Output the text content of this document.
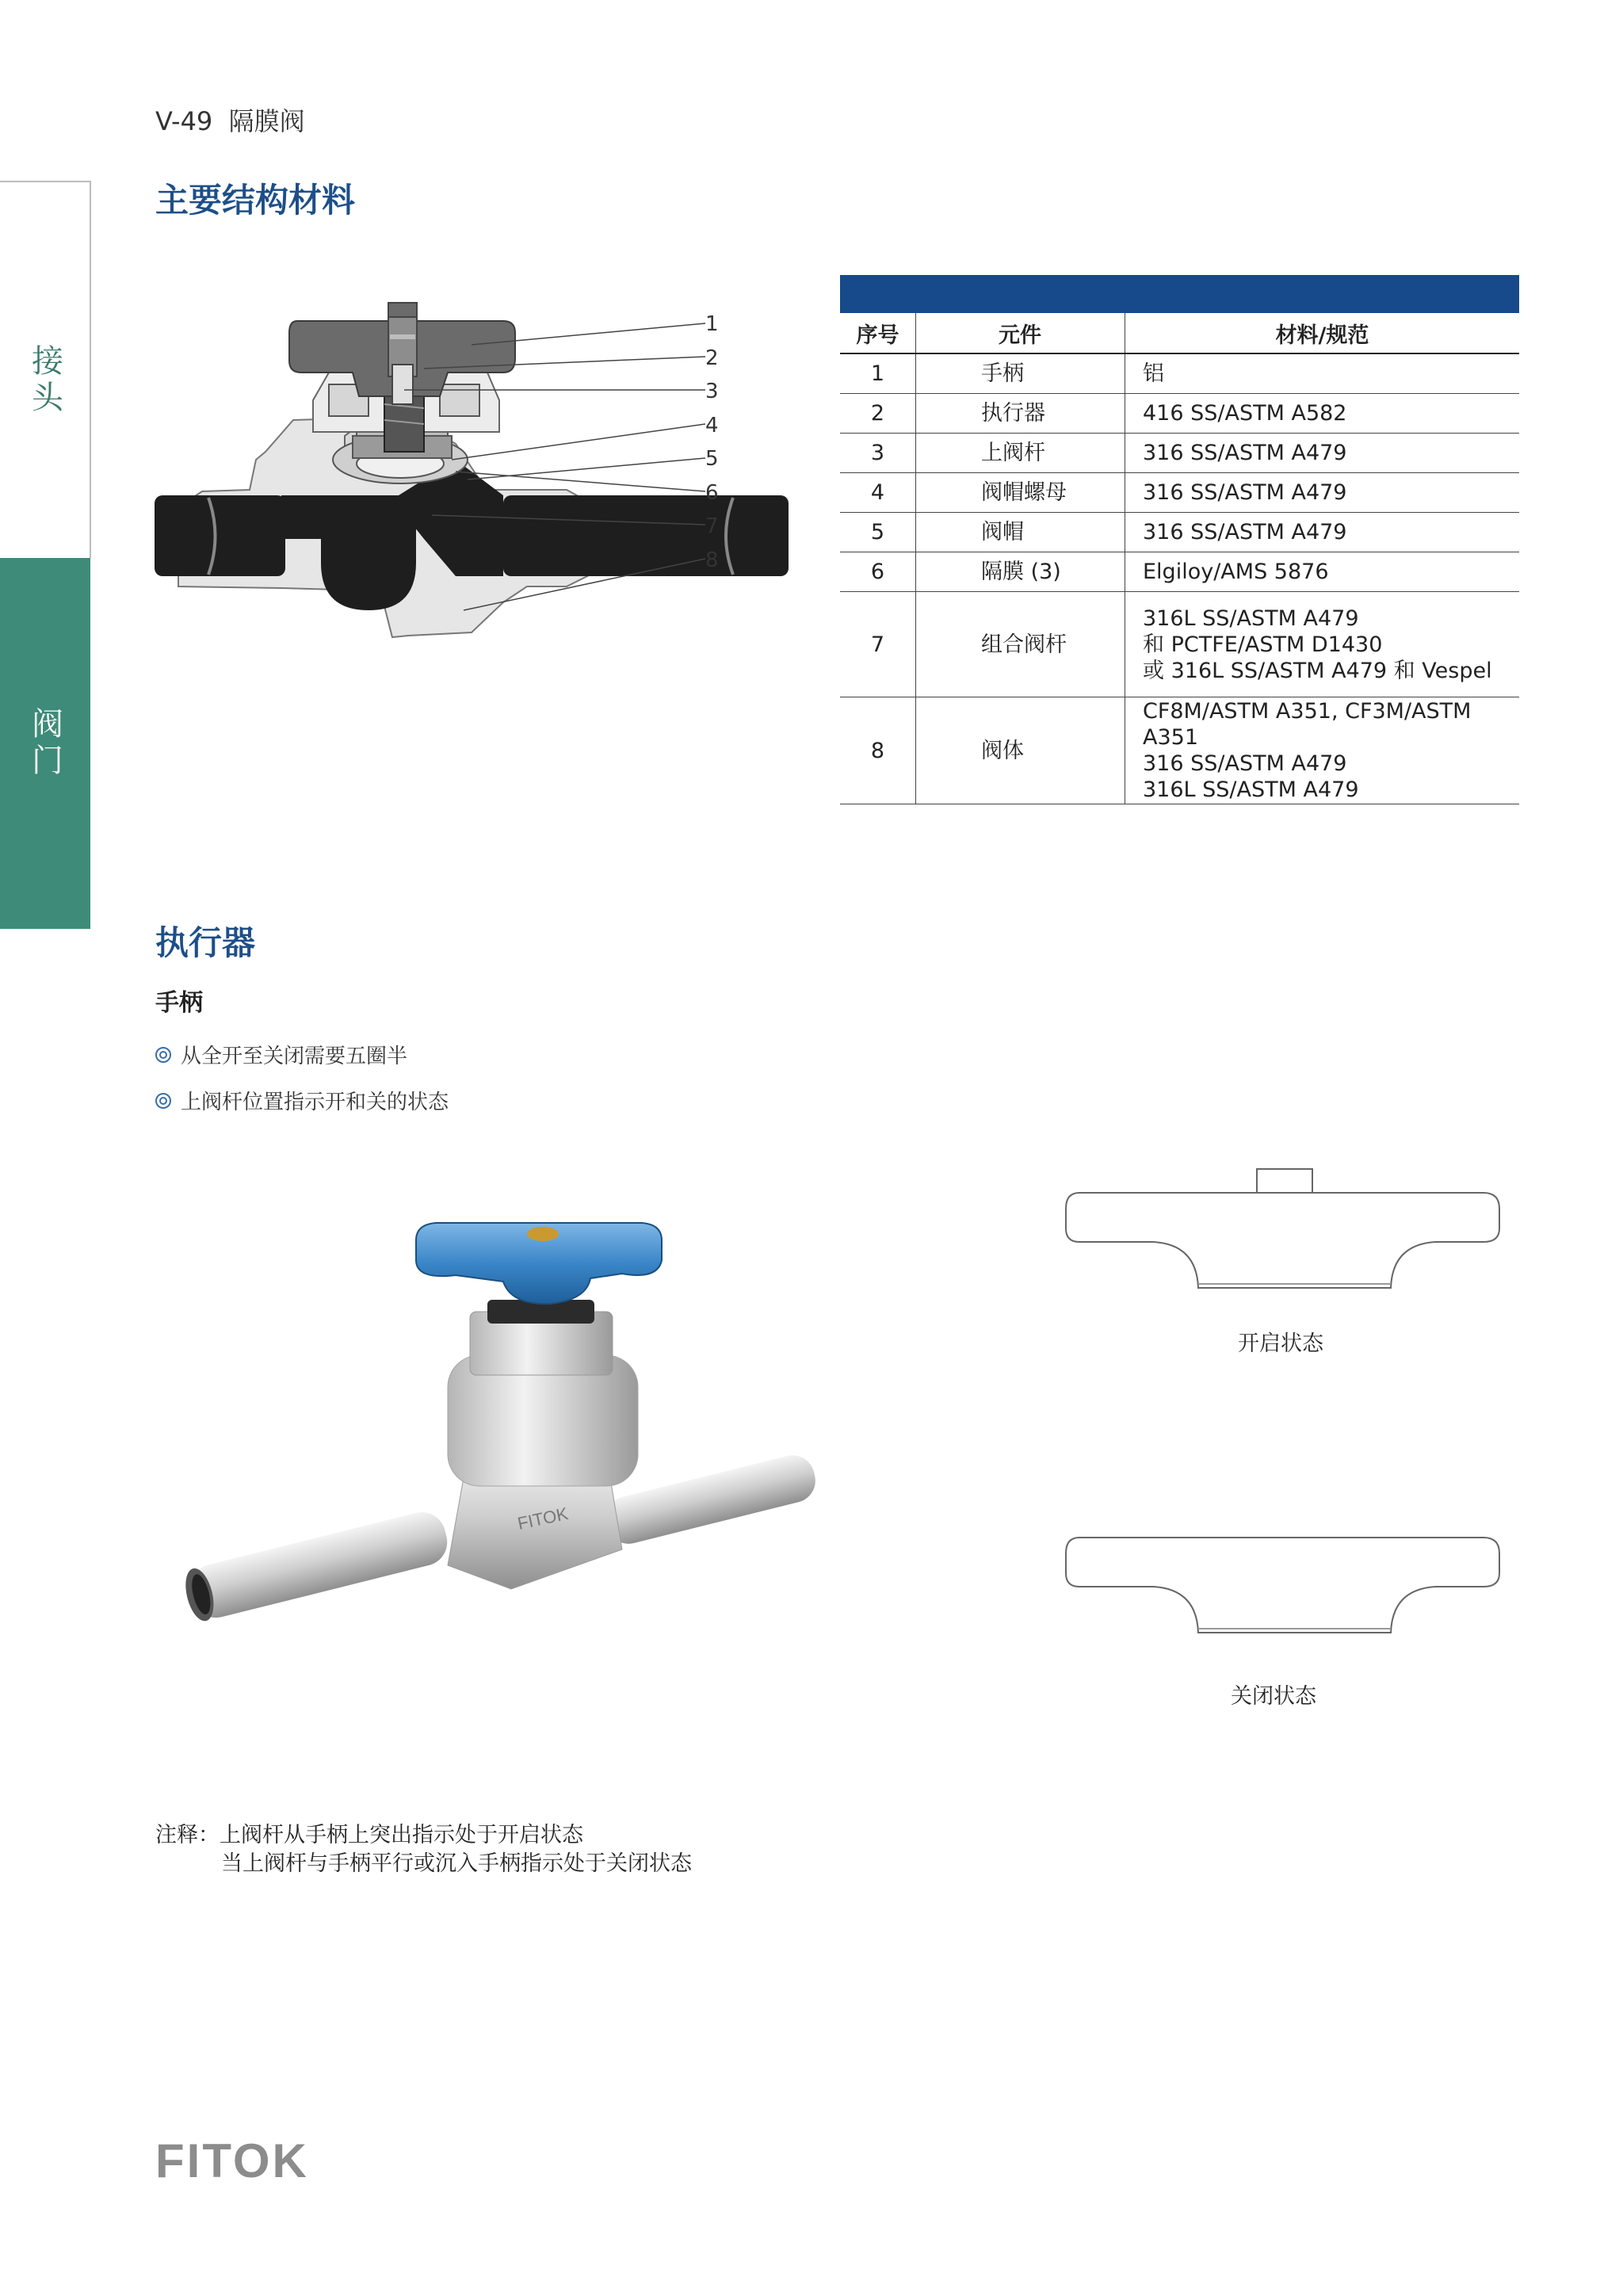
接头
阀门
V-49 隔膜阀
主要结构材料
1
2
3
4
5
6
7
8
序号	元件	材料/规范
1	手柄	铝
2	执行器	416 SS/ASTM A582
3	上阀杆	316 SS/ASTM A479
4	阀帽螺母	316 SS/ASTM A479
5	阀帽	316 SS/ASTM A479
6	隔膜 (3)	Elgiloy/AMS 5876
7	组合阀杆	316L SS/ASTM A479
和 PCTFE/ASTM D1430
或 316L SS/ASTM A479 和 Vespel

8	阀体	CF8M/ASTM A351, CF3M/ASTM A351
316 SS/ASTM A479
316L SS/ASTM A479
执行器
手柄
从全开至关闭需要五圈半
上阀杆位置指示开和关的状态
FITOK
开启状态
关闭状态
注释：上阀杆从手柄上突出指示处于开启状态
当上阀杆与手柄平行或沉入手柄指示处于关闭状态
FITOK
